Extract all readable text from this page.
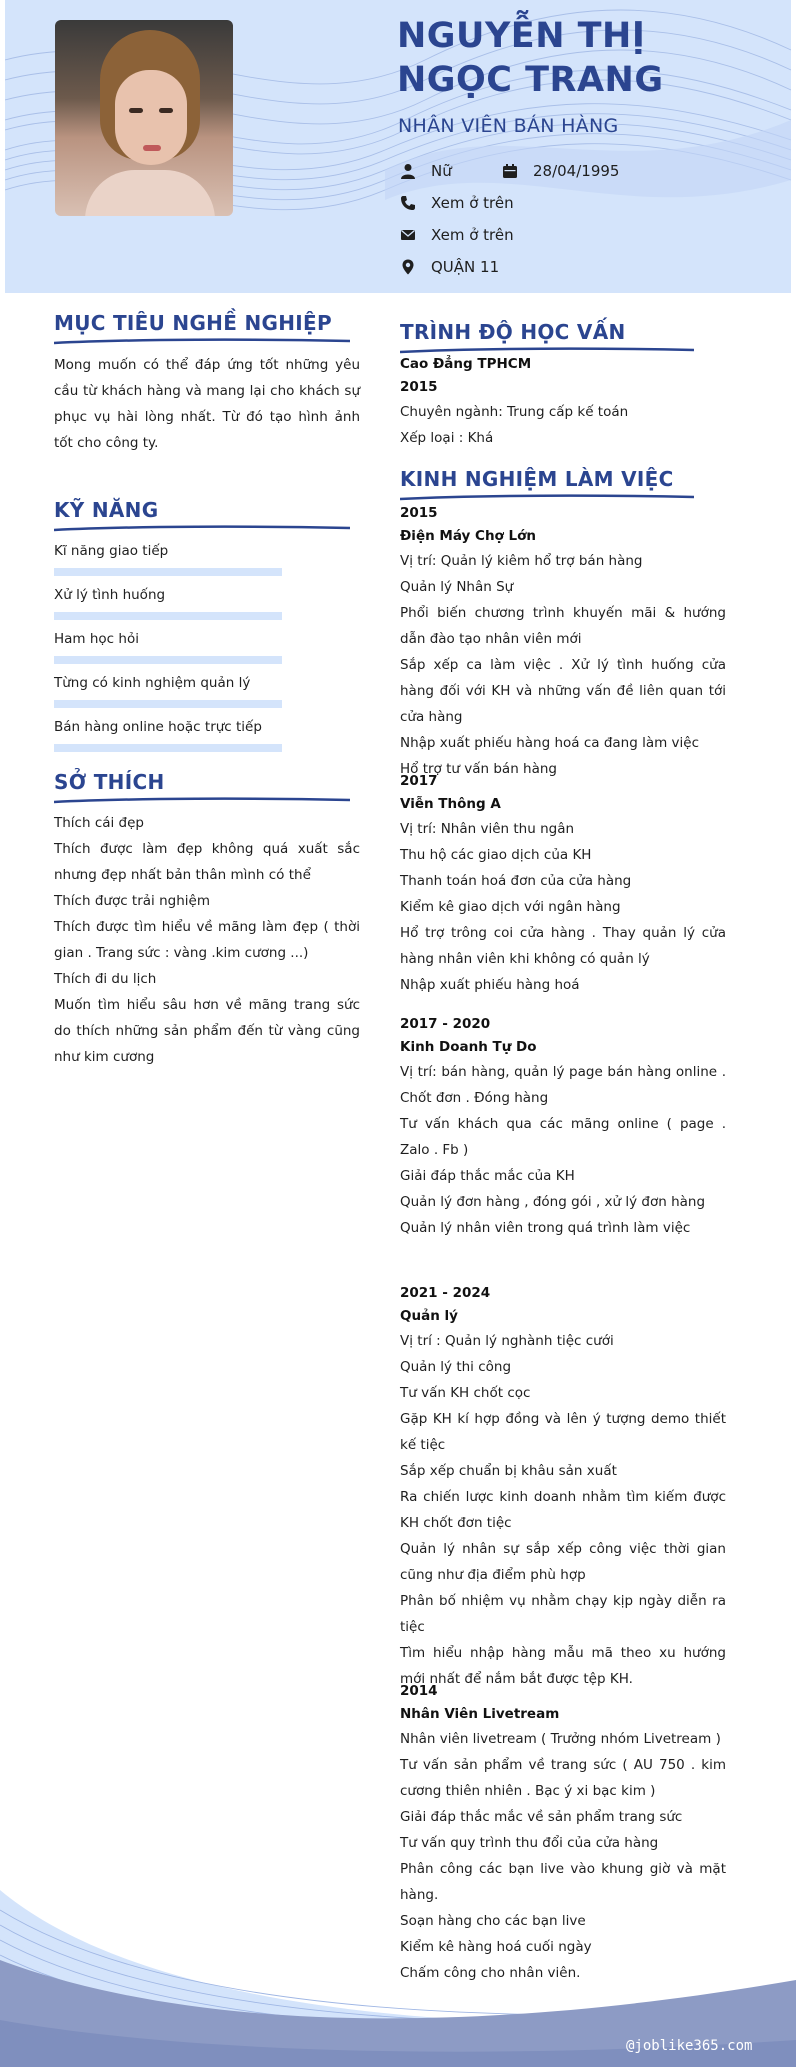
NGUYỄN THỊ NGỌC TRANG
NHÂN VIÊN BÁN HÀNG
Nữ	28/04/1995
Xem ở trên
Xem ở trên
QUẬN 11
MỤC TIÊU NGHỀ NGHIỆP
Mong muốn có thể đáp ứng tốt những yêu cầu từ khách hàng và mang lại cho khách sự phục vụ hài lòng nhất. Từ đó tạo hình ảnh tốt cho công ty.
KỸ NĂNG
Kĩ năng giao tiếp
Xử lý tình huống
Ham học hỏi
Từng có kinh nghiệm quản lý
Bán hàng online hoặc trực tiếp
SỞ THÍCH
Thích cái đẹp
Thích được làm đẹp không quá xuất sắc nhưng đẹp nhất bản thân mình có thể
Thích được trải nghiệm
Thích được tìm hiểu về mãng làm đẹp ( thời gian . Trang sức : vàng .kim cương ...)
Thích đi du lịch
Muốn tìm hiểu sâu hơn về mãng trang sức do thích những sản phẩm đến từ vàng cũng như kim cương
TRÌNH ĐỘ HỌC VẤN
Cao Đẳng TPHCM
2015
Chuyên ngành: Trung cấp kế toán
Xếp loại : Khá
KINH NGHIỆM LÀM VIỆC
2015
Điện Máy Chợ Lớn
Vị trí: Quản lý kiêm hổ trợ bán hàng
Quản lý Nhân Sự
Phổi biến chương trình khuyến mãi & hướng dẫn đào tạo nhân viên mới
Sắp xếp ca làm việc . Xử lý tình huống cửa hàng đối với KH và những vấn đề liên quan tới cửa hàng
Nhập xuất phiếu hàng hoá ca đang làm việc
Hổ trợ tư vấn bán hàng
2017
Viễn Thông A
Vị trí: Nhân viên thu ngân
Thu hộ các giao dịch của KH
Thanh toán hoá đơn của cửa hàng
Kiểm kê giao dịch với ngân hàng
Hổ trợ trông coi cửa hàng . Thay quản lý cửa hàng nhân viên khi không có quản lý
Nhập xuất phiếu hàng hoá
2017 - 2020
Kinh Doanh Tự Do
Vị trí: bán hàng, quản lý page bán hàng online . Chốt đơn . Đóng hàng
Tư vấn khách qua các mãng online ( page . Zalo . Fb )
Giải đáp thắc mắc của KH
Quản lý đơn hàng , đóng gói , xử lý đơn hàng
Quản lý nhân viên trong quá trình làm việc
2021 - 2024
Quản lý
Vị trí : Quản lý nghành tiệc cưới
Quản lý thi công
Tư vấn KH chốt cọc
Gặp KH kí hợp đồng và lên ý tượng demo thiết kế tiệc
Sắp xếp chuẩn bị khâu sản xuất
Ra chiến lược kinh doanh nhằm tìm kiếm được KH chốt đơn tiệc
Quản lý nhân sự sắp xếp công việc thời gian cũng như địa điểm phù hợp
Phân bố nhiệm vụ nhằm chạy kịp ngày diễn ra tiệc
Tìm hiểu nhập hàng mẫu mã theo xu hướng mới nhất để nắm bắt được tệp KH.
2014
Nhân Viên Livetream
Nhân viên livetream ( Trưởng nhóm Livetream )
Tư vấn sản phẩm về trang sức ( AU 750 . kim cương thiên nhiên . Bạc ý xi bạc kim )
Giải đáp thắc mắc về sản phẩm trang sức
Tư vấn quy trình thu đổi của cửa hàng
Phân công các bạn live vào khung giờ và mặt hàng.
Soạn hàng cho các bạn live
Kiểm kê hàng hoá cuối ngày
Chấm công cho nhân viên.
@joblike365.com
